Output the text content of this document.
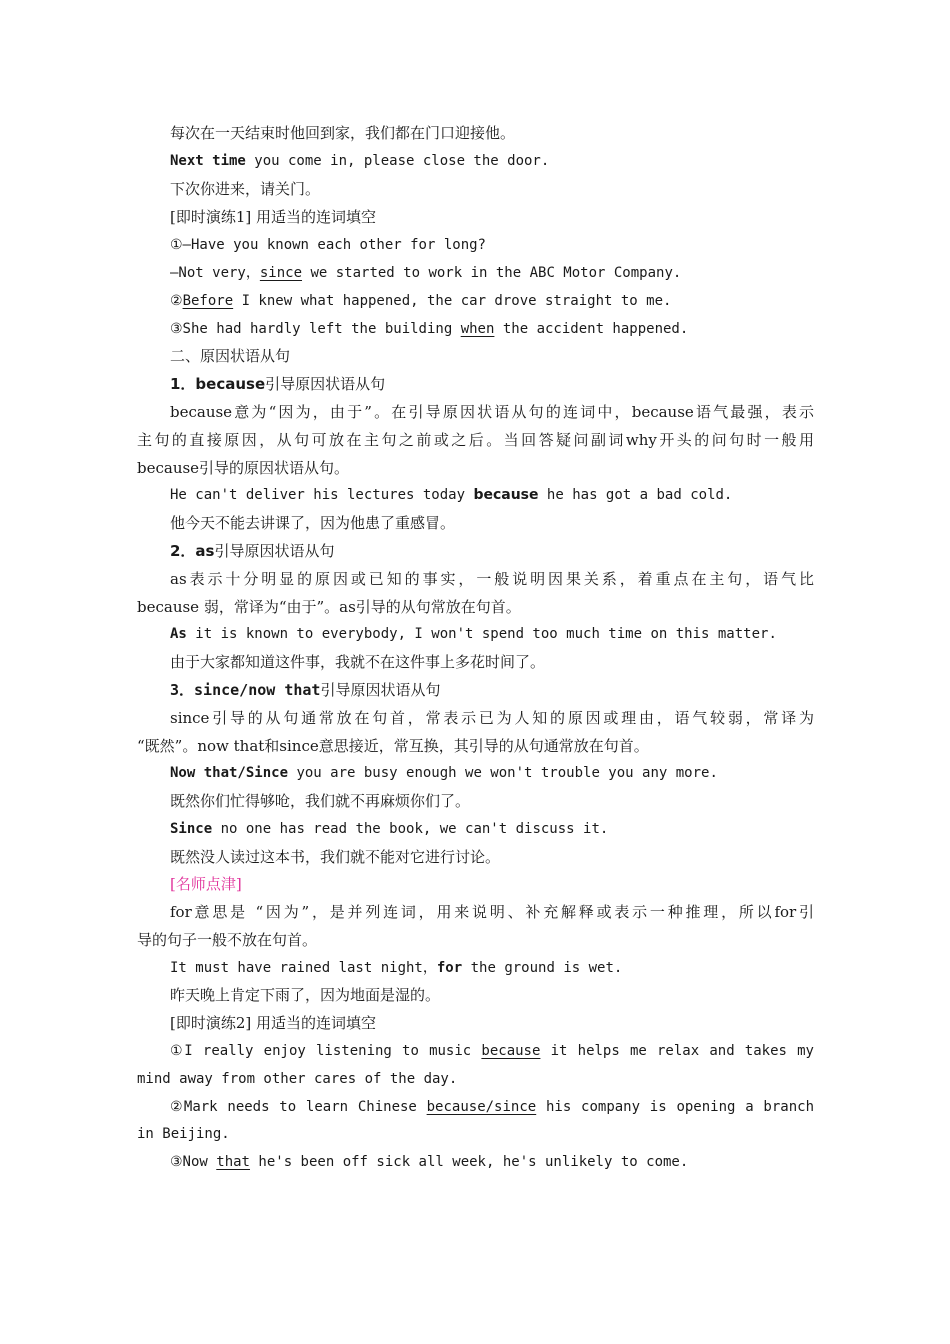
每次在一天结束时他回到家，我们都在门口迎接他。
Next time you come in, please close the door.
下次你进来，请关门。
[即时演练1] 用适当的连词填空
①—Have you known each other for long?
—Not very，since we started to work in the ABC Motor Company.
②Before I knew what happened, the car drove straight to me.
③She had hardly left the building when the accident happened.
二、原因状语从句
1．because引导原因状语从句
because意为“因为，由于”。在引导原因状语从句的连词中，because语气最强，表示
主句的直接原因，从句可放在主句之前或之后。当回答疑问副词why开头的问句时一般用
because引导的原因状语从句。
He can't deliver his lectures today because he has got a bad cold.
他今天不能去讲课了，因为他患了重感冒。
2．as引导原因状语从句
as表示十分明显的原因或已知的事实，一般说明因果关系，着重点在主句，语气比
because 弱，常译为“由于”。as引导的从句常放在句首。
As it is known to everybody, I won't spend too much time on this matter.
由于大家都知道这件事，我就不在这件事上多花时间了。
3．since/now that引导原因状语从句
since引导的从句通常放在句首，常表示已为人知的原因或理由，语气较弱，常译为
“既然”。now that和since意思接近，常互换，其引导的从句通常放在句首。
Now that/Since you are busy enough we won't trouble you any more.
既然你们忙得够呛，我们就不再麻烦你们了。
Since no one has read the book, we can't discuss it.
既然没人读过这本书，我们就不能对它进行讨论。
[名师点津]
for意思是 “因为”，是并列连词，用来说明、补充解释或表示一种推理，所以for引
导的句子一般不放在句首。
It must have rained last night，for the ground is wet.
昨天晚上肯定下雨了，因为地面是湿的。
[即时演练2] 用适当的连词填空
①I really enjoy listening to music because it helps me relax and takes my
mind away from other cares of the day.
②Mark needs to learn Chinese because/since his company is opening a branch
in Beijing.
③Now that he's been off sick all week, he's unlikely to come.
